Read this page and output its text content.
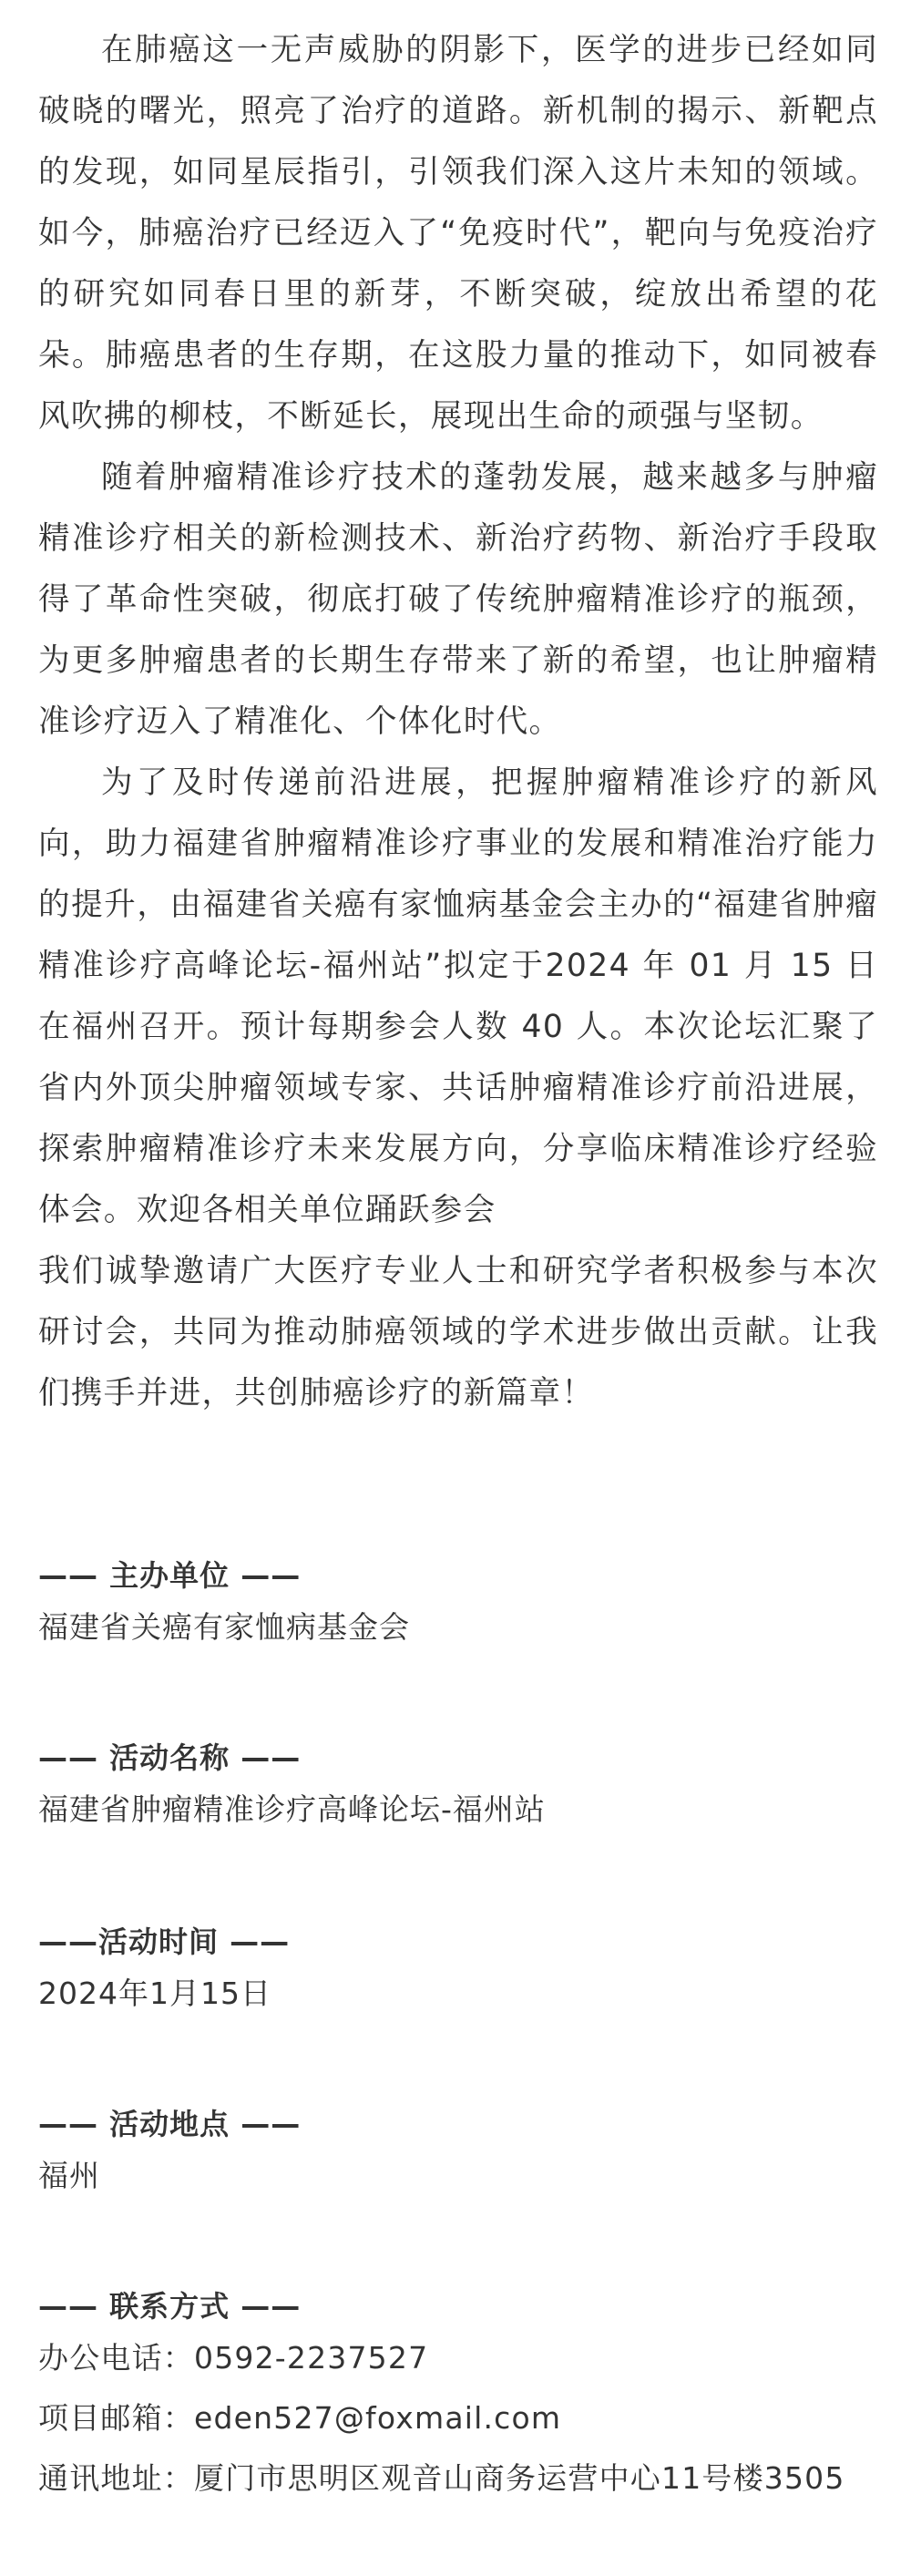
在肺癌这一无声威胁的阴影下，医学的进步已经如同破晓的曙光，照亮了治疗的道路。新机制的揭示、新靶点的发现，如同星辰指引，引领我们深入这片未知的领域。如今，肺癌治疗已经迈入了“免疫时代”，靶向与免疫治疗的研究如同春日里的新芽，不断突破，绽放出希望的花朵。肺癌患者的生存期，在这股力量的推动下，如同被春风吹拂的柳枝，不断延长，展现出生命的顽强与坚韧。

随着肿瘤精准诊疗技术的蓬勃发展，越来越多与肿瘤精准诊疗相关的新检测技术、新治疗药物、新治疗手段取得了革命性突破，彻底打破了传统肿瘤精准诊疗的瓶颈，为更多肿瘤患者的长期生存带来了新的希望，也让肿瘤精准诊疗迈入了精准化、个体化时代。

为了及时传递前沿进展，把握肿瘤精准诊疗的新风向，助力福建省肿瘤精准诊疗事业的发展和精准治疗能力的提升，由福建省关癌有家恤病基金会主办的“福建省肿瘤精准诊疗高峰论坛-福州站”拟定于2024 年 01 月 15 日在福州召开。预计每期参会人数 40 人。本次论坛汇聚了省内外顶尖肿瘤领域专家、共话肿瘤精准诊疗前沿进展，探索肿瘤精准诊疗未来发展方向，分享临床精准诊疗经验体会。欢迎各相关单位踊跃参会

我们诚挚邀请广大医疗专业人士和研究学者积极参与本次研讨会，共同为推动肺癌领域的学术进步做出贡献。让我们携手并进，共创肺癌诊疗的新篇章！

—— 主办单位 ——

福建省关癌有家恤病基金会

—— 活动名称 ——

福建省肿瘤精准诊疗高峰论坛-福州站

——活动时间 ——

2024年1月15日

—— 活动地点 ——

福州

—— 联系方式 ——

办公电话：0592-2237527

项目邮箱：eden527@foxmail.com

通讯地址：厦门市思明区观音山商务运营中心11号楼3505
